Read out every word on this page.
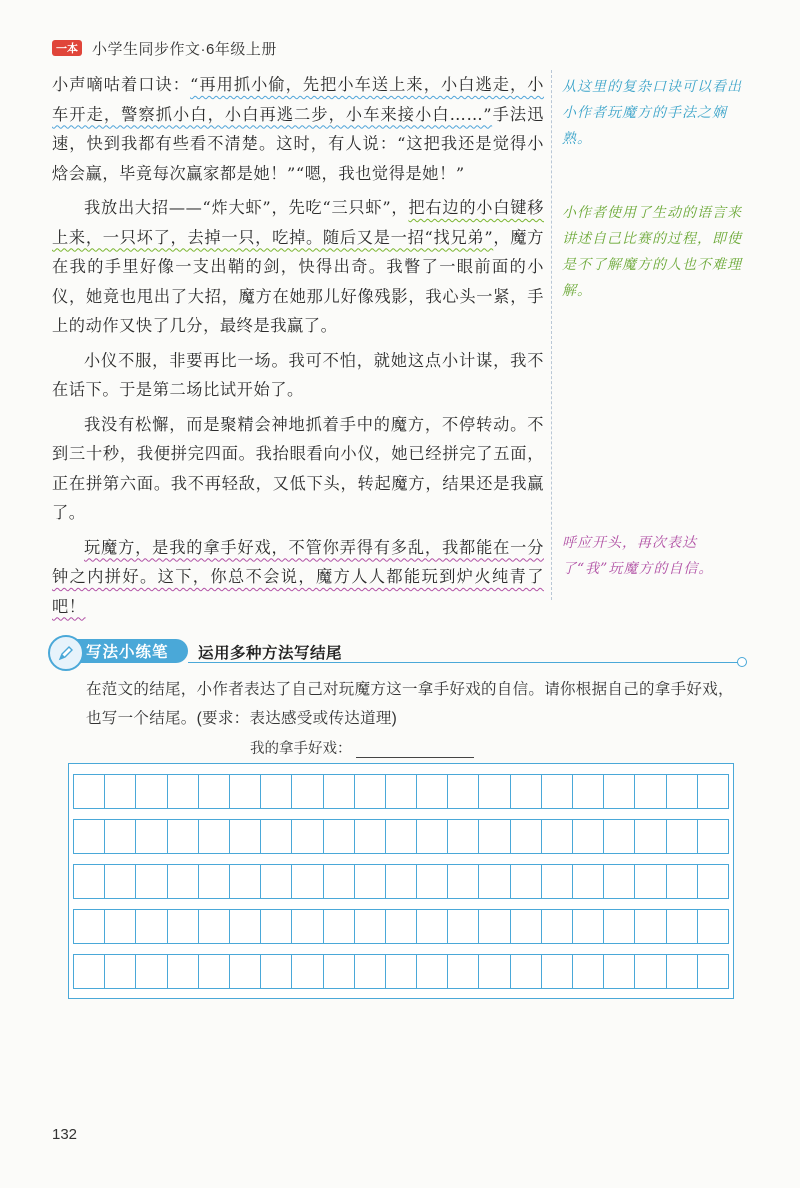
一本 小学生同步作文·6年级上册

小声嘀咕着口诀：“再用抓小偷，先把小车送上来，小白逃走，小车开走，警察抓小白，小白再逃二步，小车来接小白……”手法迅速，快到我都有些看不清楚。这时，有人说：“这把我还是觉得小焓会赢，毕竟每次赢家都是她！”“嗯，我也觉得是她！”

我放出大招——“炸大虾”，先吃“三只虾”，把右边的小白键移上来，一只坏了，去掉一只，吃掉。随后又是一招“找兄弟”，魔方在我的手里好像一支出鞘的剑，快得出奇。我瞥了一眼前面的小仪，她竟也甩出了大招，魔方在她那儿好像残影，我心头一紧，手上的动作又快了几分，最终是我赢了。

小仪不服，非要再比一场。我可不怕，就她这点小计谋，我不在话下。于是第二场比试开始了。

我没有松懈，而是聚精会神地抓着手中的魔方，不停转动。不到三十秒，我便拼完四面。我抬眼看向小仪，她已经拼完了五面，正在拼第六面。我不再轻敌，又低下头，转起魔方，结果还是我赢了。

玩魔方，是我的拿手好戏，不管你弄得有多乱，我都能在一分钟之内拼好。这下，你总不会说，魔方人人都能玩到炉火纯青了吧！

从这里的复杂口诀可以看出小作者玩魔方的手法之娴熟。
小作者使用了生动的语言来讲述自己比赛的过程，即使是不了解魔方的人也不难理解。
呼应开头，再次表达了“我”玩魔方的自信。
写法小练笔 运用多种方法写结尾
在范文的结尾，小作者表达了自己对玩魔方这一拿手好戏的自信。请你根据自己的拿手好戏，也写一个结尾。(要求：表达感受或传达道理)
我的拿手好戏：
132
